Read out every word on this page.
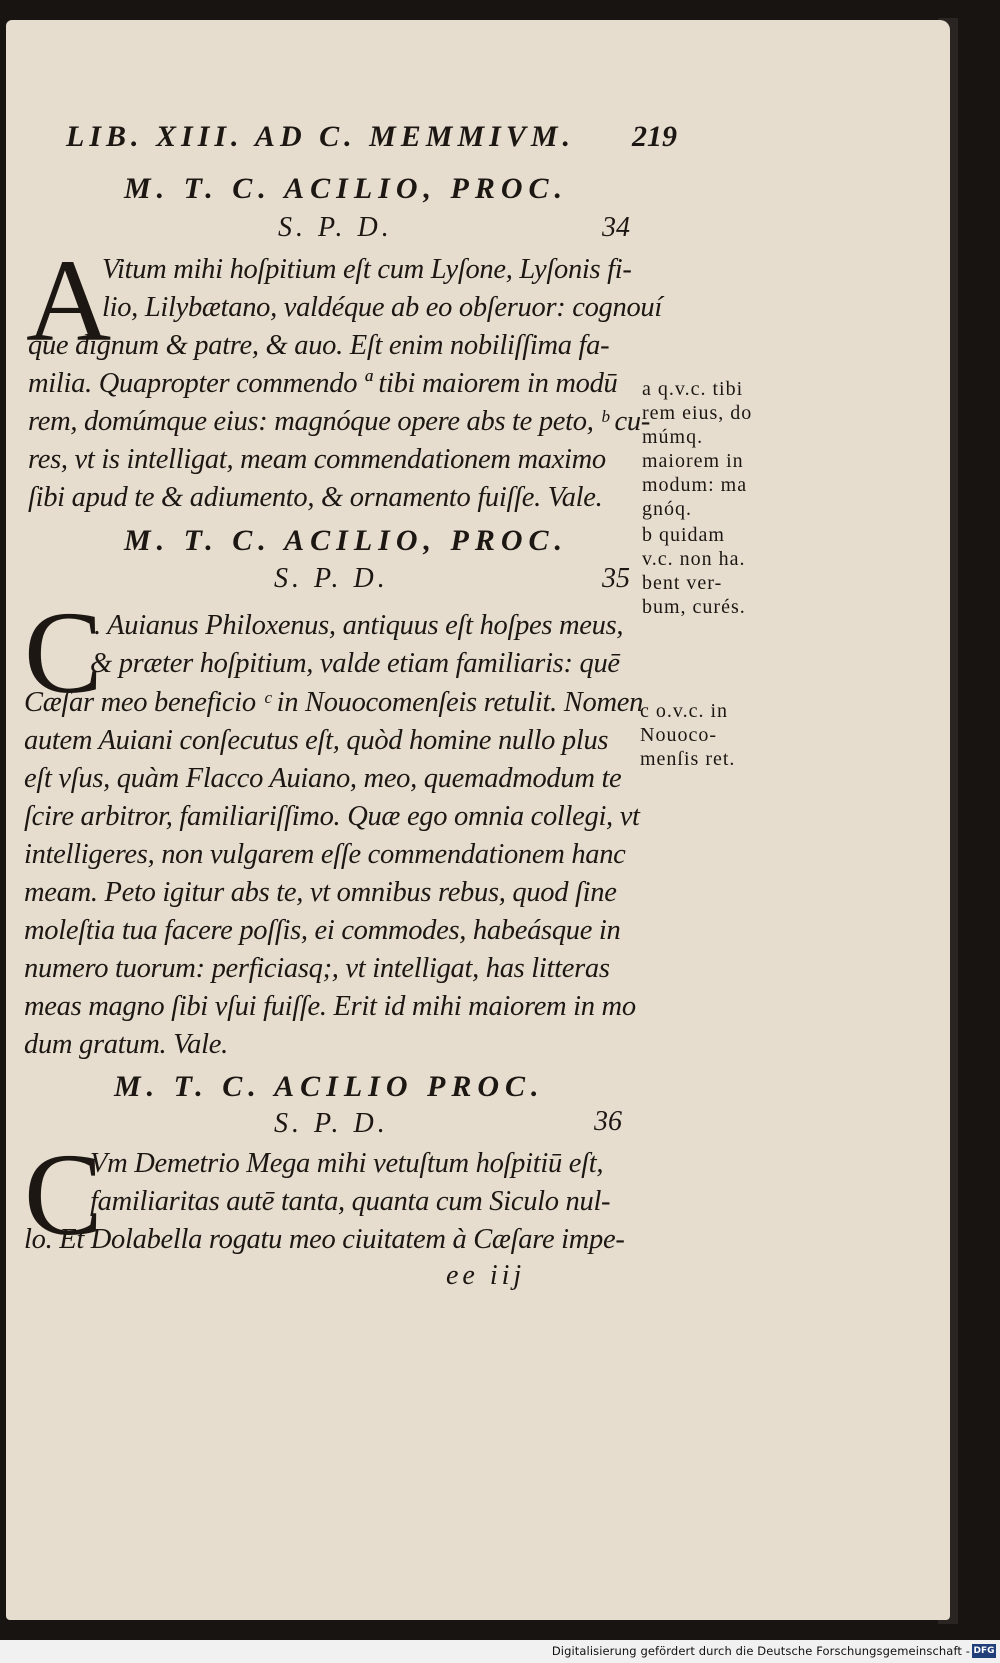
LIB. XIII. AD C. MEMMIVM. 219
M. T. C. ACILIO, PROC.
S. P. D.	34
A
Vitum mihi hoſpitium eſt cum Lyſone, Lyſonis fi-
lio, Lilybætano, valdéque ab eo obſeruor: cognouí
que dignum & patre, & auo. Eſt enim nobiliſſima fa-
milia. Quapropter commendo ª tibi maiorem in modū
rem, domúmque eius: magnóque opere abs te peto, ᵇ cu-
res, vt is intelligat, meam commendationem maximo
ſibi apud te & adiumento, & ornamento fuiſſe. Vale.
M. T. C. ACILIO, PROC.
S. P. D.	35
C
. Auianus Philoxenus, antiquus eſt hoſpes meus,
& præter hoſpitium, valde etiam familiaris: quē
Cæſar meo beneficio ᶜ in Nouocomenſeis retulit. Nomen
autem Auiani conſecutus eſt, quòd homine nullo plus
eſt vſus, quàm Flacco Auiano, meo, quemadmodum te
ſcire arbitror, familiariſſimo. Quæ ego omnia collegi, vt
intelligeres, non vulgarem eſſe commendationem hanc
meam. Peto igitur abs te, vt omnibus rebus, quod ſine
moleſtia tua facere poſſis, ei commodes, habeásque in
numero tuorum: perficiasq;, vt intelligat, has litteras
meas magno ſibi vſui fuiſſe. Erit id mihi maiorem in mo
dum gratum. Vale.
M. T. C. ACILIO PROC.
S. P. D.	36
C
Vm Demetrio Mega mihi vetuſtum hoſpitiū eſt,
familiaritas autē tanta, quanta cum Siculo nul-
lo. Et Dolabella rogatu meo ciuitatem à Cæſare impe-
ee iij
a q.v.c. tibi
rem eius, do
múmq.
maiorem in
modum: ma
gnóq.
b quidam
v.c. non ha.
bent ver-
bum, curés.
c o.v.c. in
Nouoco-
menſis ret.
Digitalisierung gefördert durch die Deutsche Forschungsgemeinschaft - DFG
